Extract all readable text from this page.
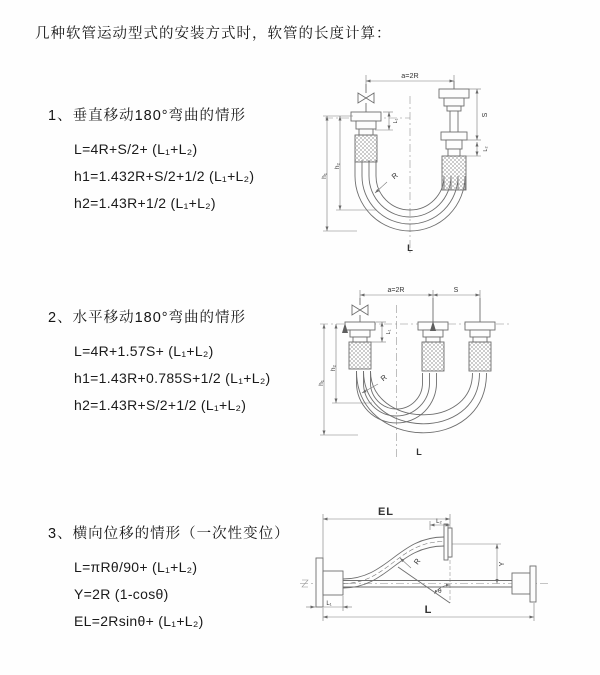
几种软管运动型式的安装方式时，软管的长度计算：
1、垂直移动180°弯曲的情形
L=4R+S/2+ (L₁+L₂)
h1=1.432R+S/2+1/2 (L₁+L₂)
h2=1.43R+1/2 (L₁+L₂)
2、水平移动180°弯曲的情形
L=4R+1.57S+ (L₁+L₂)
h1=1.43R+0.785S+1/2 (L₁+L₂)
h2=1.43R+S/2+1/2 (L₁+L₂)
3、横向位移的情形（一次性变位）
L=πRθ/90+ (L₁+L₂)
Y=2R (1-cosθ)
EL=2Rsinθ+ (L₁+L₂)
a=2R
h₁
h₂
S
L₂
L₁
R
L
a=2R	S
h₁
h₂
L₁
R
L
EL
L₂
Y
R
θ
L
L₁
